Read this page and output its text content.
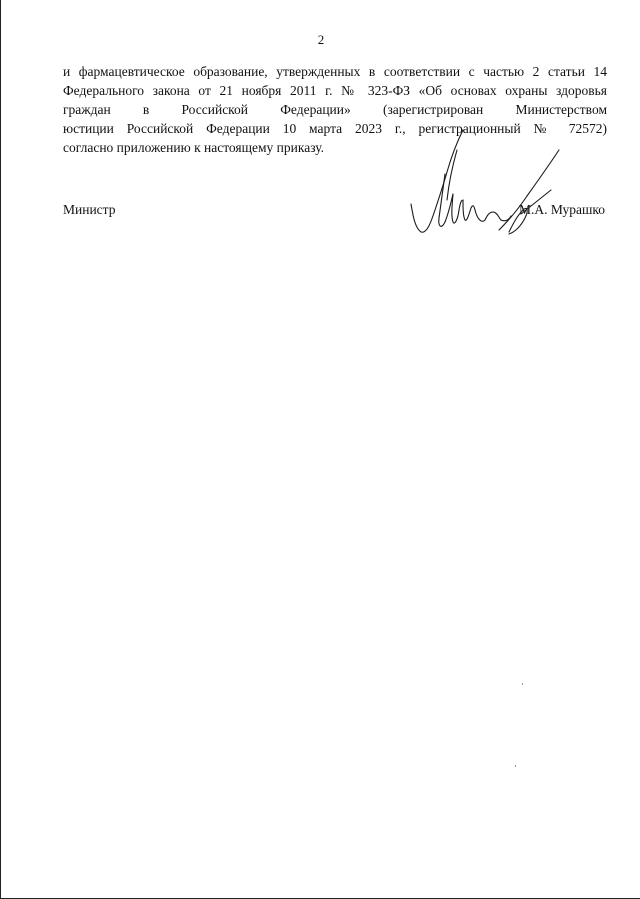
2
и фармацевтическое образование, утвержденных в соответствии с частью 2 статьи 14
Федерального закона от 21 ноября 2011 г. № 323-ФЗ «Об основах охраны здоровья
граждан в Российской Федерации» (зарегистрирован Министерством
юстиции Российской Федерации 10 марта 2023 г., регистрационный № 72572)
согласно приложению к настоящему приказу.
Министр	М.А. Мурашко
